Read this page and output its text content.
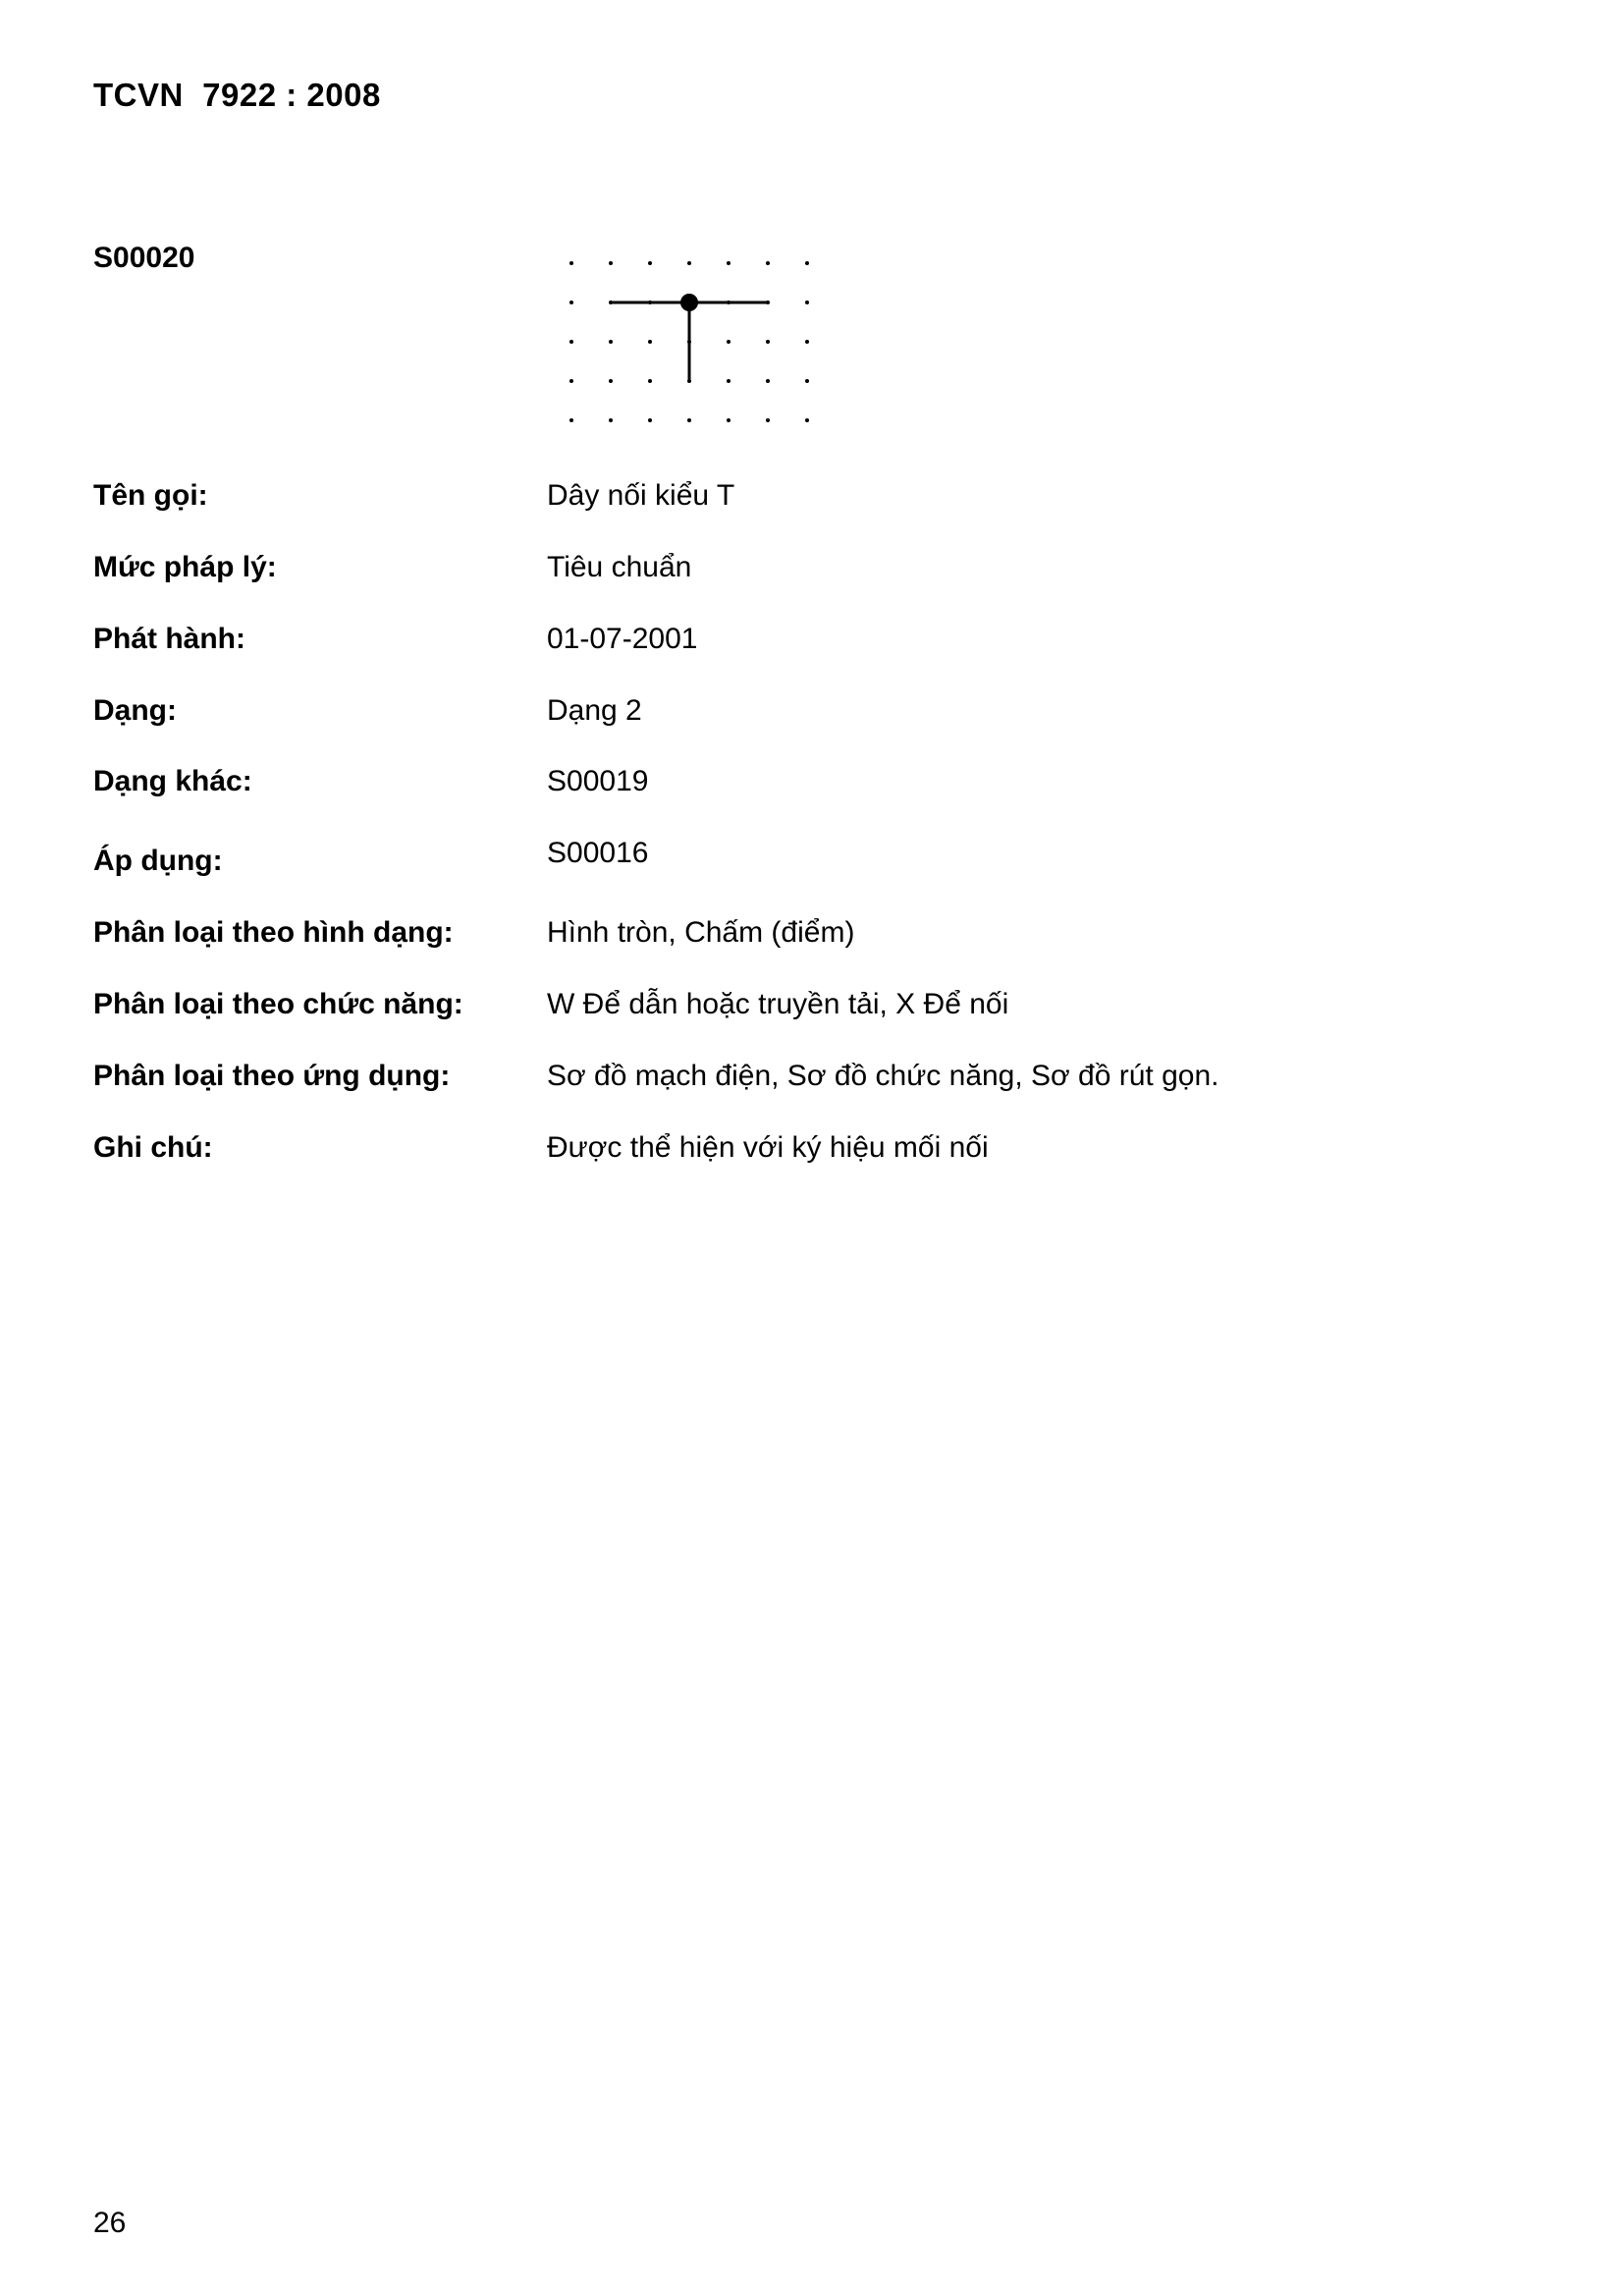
TCVN  7922 : 2008
S00020
Tên gọi:	Dây nối kiểu T
Mức pháp lý:	Tiêu chuẩn
Phát hành:	01-07-2001
Dạng:	Dạng 2
Dạng khác:	S00019
Áp dụng:	S00016
Phân loại theo hình dạng:	Hình tròn, Chấm (điểm)
Phân loại theo chức năng:	W Để dẫn hoặc truyền tải, X Để nối
Phân loại theo ứng dụng:	Sơ đồ mạch điện, Sơ đồ chức năng, Sơ đồ rút gọn.
Ghi chú:	Được thể hiện với ký hiệu mối nối
26
